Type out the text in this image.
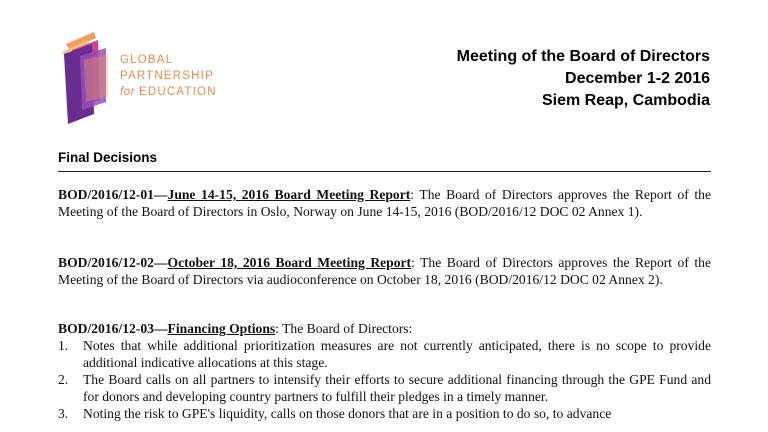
GLOBAL
PARTNERSHIP
for EDUCATION
Meeting of the Board of Directors
December 1-2 2016
Siem Reap, Cambodia
Final Decisions

BOD/2016/12-01—June 14-15, 2016 Board Meeting Report: The Board of Directors approves the Report of the Meeting of the Board of Directors in Oslo, Norway on June 14-15, 2016 (BOD/2016/12 DOC 02 Annex 1).

BOD/2016/12-02—October 18, 2016 Board Meeting Report: The Board of Directors approves the Report of the Meeting of the Board of Directors via audioconference on October 18, 2016 (BOD/2016/12 DOC 02 Annex 2).

BOD/2016/12-03—Financing Options: The Board of Directors:

1. Notes that while additional prioritization measures are not currently anticipated, there is no scope to provide additional indicative allocations at this stage.
2. The Board calls on all partners to intensify their efforts to secure additional financing through the GPE Fund and for donors and developing country partners to fulfill their pledges in a timely manner.
3. Noting the risk to GPE's liquidity, calls on those donors that are in a position to do so, to advance
